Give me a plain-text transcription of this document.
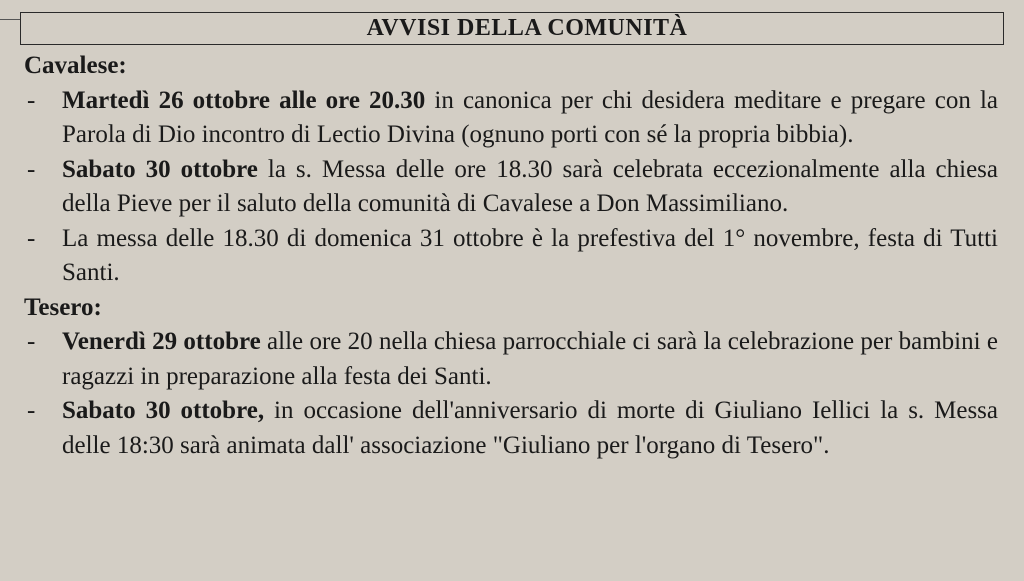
AVVISI DELLA COMUNITÀ

Cavalese:

- Martedì 26 ottobre alle ore 20.30 in canonica per chi desidera meditare e pregare con la Parola di Dio incontro di Lectio Divina (ognuno porti con sé la propria bibbia).
- Sabato 30 ottobre la s. Messa delle ore 18.30 sarà celebrata eccezionalmente alla chiesa della Pieve per il saluto della comunità di Cavalese a Don Massimiliano.
- La messa delle 18.30 di domenica 31 ottobre è la prefestiva del 1° novembre, festa di Tutti Santi.

Tesero:

- Venerdì 29 ottobre alle ore 20 nella chiesa parrocchiale ci sarà la celebrazione per bambini e ragazzi in preparazione alla festa dei Santi.
- Sabato 30 ottobre, in occasione dell'anniversario di morte di Giuliano Iellici la s. Messa delle 18:30 sarà animata dall' associazione "Giuliano per l'organo di Tesero".
